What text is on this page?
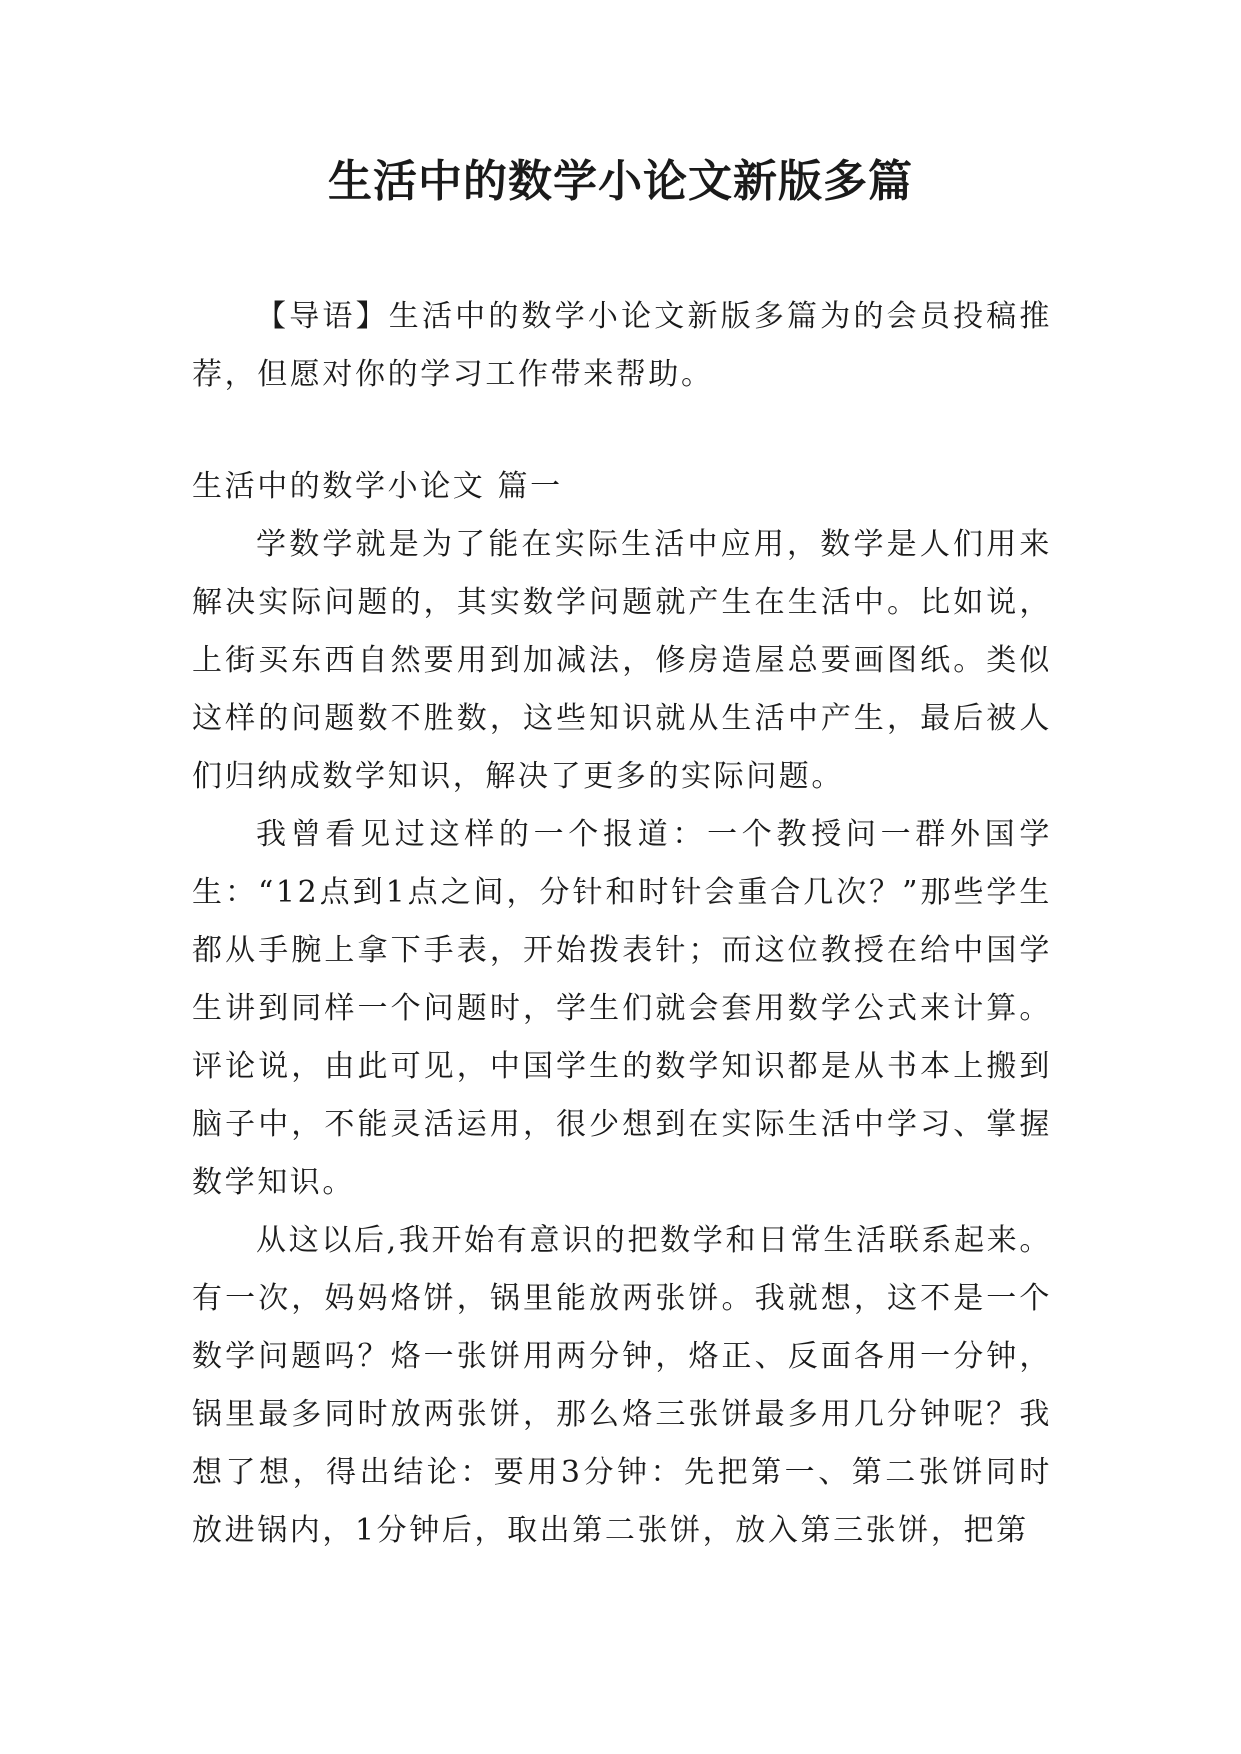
生活中的数学小论文新版多篇

【导语】生活中的数学小论文新版多篇为的会员投稿推荐，但愿对你的学习工作带来帮助。

生活中的数学小论文 篇一

学数学就是为了能在实际生活中应用，数学是人们用来解决实际问题的，其实数学问题就产生在生活中。比如说，上街买东西自然要用到加减法，修房造屋总要画图纸。类似这样的问题数不胜数，这些知识就从生活中产生，最后被人们归纳成数学知识，解决了更多的实际问题。

我曾看见过这样的一个报道：一个教授问一群外国学生：“12点到1点之间，分针和时针会重合几次？”那些学生都从手腕上拿下手表，开始拨表针；而这位教授在给中国学生讲到同样一个问题时，学生们就会套用数学公式来计算。评论说，由此可见，中国学生的数学知识都是从书本上搬到脑子中，不能灵活运用，很少想到在实际生活中学习、掌握数学知识。

从这以后,我开始有意识的把数学和日常生活联系起来。有一次，妈妈烙饼，锅里能放两张饼。我就想，这不是一个数学问题吗？烙一张饼用两分钟，烙正、反面各用一分钟，锅里最多同时放两张饼，那么烙三张饼最多用几分钟呢？我想了想，得出结论：要用3分钟：先把第一、第二张饼同时放进锅内，1分钟后，取出第二张饼，放入第三张饼，把第
